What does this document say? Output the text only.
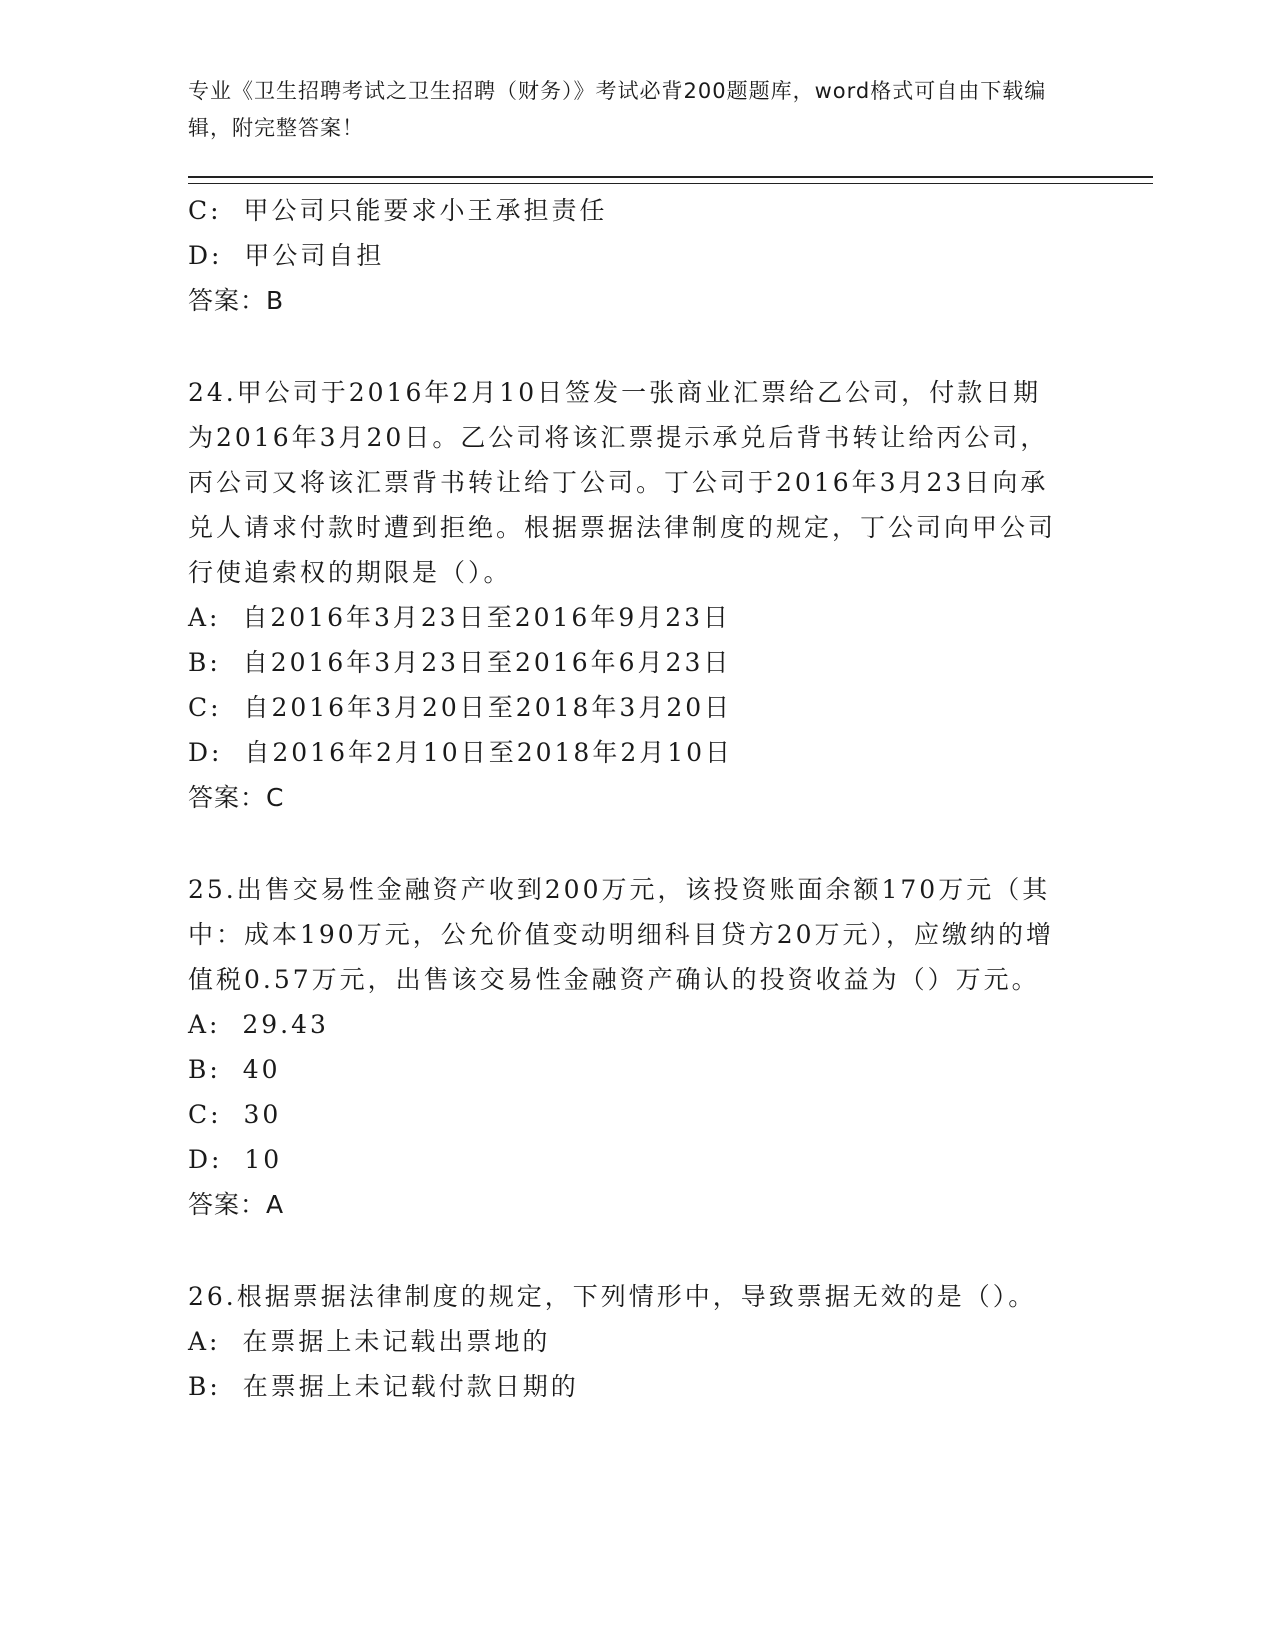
专业《卫生招聘考试之卫生招聘（财务）》考试必背200题题库，word格式可自由下载编辑，附完整答案！
C:  甲公司只能要求小王承担责任
D:  甲公司自担
答案：B
24.甲公司于2016年2月10日签发一张商业汇票给乙公司，付款日期为2016年3月20日。乙公司将该汇票提示承兑后背书转让给丙公司，丙公司又将该汇票背书转让给丁公司。丁公司于2016年3月23日向承兑人请求付款时遭到拒绝。根据票据法律制度的规定，丁公司向甲公司行使追索权的期限是（）。
A:  自2016年3月23日至2016年9月23日
B:  自2016年3月23日至2016年6月23日
C:  自2016年3月20日至2018年3月20日
D:  自2016年2月10日至2018年2月10日
答案：C
25.出售交易性金融资产收到200万元，该投资账面余额170万元（其中：成本190万元，公允价值变动明细科目贷方20万元），应缴纳的增值税0.57万元，出售该交易性金融资产确认的投资收益为（）万元。
A:  29.43
B:  40
C:  30
D:  10
答案：A
26.根据票据法律制度的规定，下列情形中，导致票据无效的是（）。
A:  在票据上未记载出票地的
B:  在票据上未记载付款日期的
